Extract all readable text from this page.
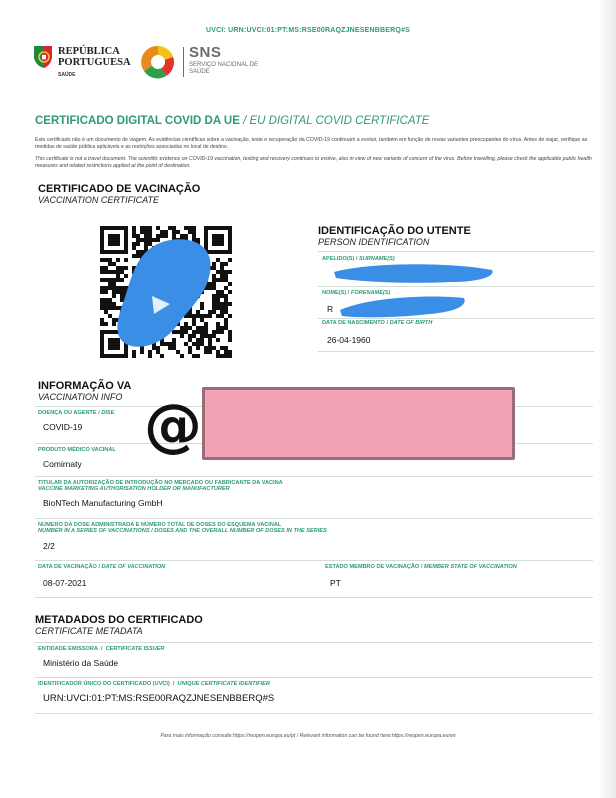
UVCI: URN:UVCI:01:PT:MS:RSE00RAQZJNESENBBERQ#S
REPÚBLICA
PORTUGUESA
SAÚDE
SNS
SERVIÇO NACIONAL DE SAÚDE
CERTIFICADO DIGITAL COVID DA UE / EU DIGITAL COVID CERTIFICATE
Este certificado não é um documento de viagem. As evidências científicas sobre a vacinação, teste e recuperação da COVID-19 continuam a evoluir, também em função de novas variantes preocupantes do vírus. Antes de viajar, verifique as medidas de saúde pública aplicáveis e as restrições associadas no local de destino.
This certificate is not a travel document. The scientific evidence on COVID-19 vaccination, testing and recovery continues to evolve, also in view of new variants of concern of the virus. Before travelling, please check the applicable public health measures and related restrictions applied at the point of destination.
CERTIFICADO DE VACINAÇÃO
VACCINATION CERTIFICATE
IDENTIFICAÇÃO DO UTENTE
PERSON IDENTIFICATION
APELIDO(S) / SURNAME(S)
NOME(S) / FORENAME(S)
R
DATA DE NASCIMENTO / DATE OF BIRTH
26-04-1960
INFORMAÇÃO VA
VACCINATION INFO
DOENÇA OU AGENTE / DISE
COVID-19
PRODUTO MÉDICO VACINAL
Comirnaty
TITULAR DA AUTORIZAÇÃO DE INTRODUÇÃO NO MERCADO OU FABRICANTE DA VACINA
VACCINE MARKETING AUTHORISATION HOLDER OR MANUFACTURER
BioNTech Manufacturing GmbH
NÚMERO DA DOSE ADMINISTRADA E NÚMERO TOTAL DE DOSES DO ESQUEMA VACINAL
NUMBER IN A SERIES OF VACCINATIONS / DOSES AND THE OVERALL NUMBER OF DOSES IN THE SERIES
2/2
DATA DE VACINAÇÃO / DATE OF VACCINATION
08-07-2021
ESTADO MEMBRO DE VACINAÇÃO / MEMBER STATE OF VACCINATION
PT
@
METADADOS DO CERTIFICADO
CERTIFICATE METADATA
ENTIDADE EMISSORA  /  CERTIFICATE ISSUER
Ministério da Saúde
IDENTIFICADOR ÚNICO DO CERTIFICADO (UVCI)  /  UNIQUE CERTIFICATE IDENTIFIER
URN:UVCI:01:PT:MS:RSE00RAQZJNESENBBERQ#S
Para mais informação consulte:https://reopen.europa.eu/pt / Relevant information can be found here:https://reopen.europa.eu/en
